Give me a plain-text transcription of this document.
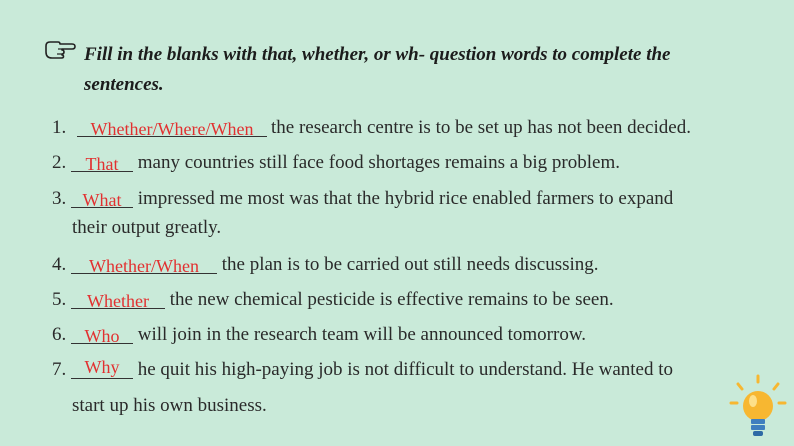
Fill in the blanks with that, whether, or wh- question words to complete the
sentences.
1. Whether/Where/When the research centre is to be set up has not been decided.
2. That many countries still face food shortages remains a big problem.
3. What impressed me most was that the hybrid rice enabled farmers to expand
their output greatly.
4. Whether/When the plan is to be carried out still needs discussing.
5. Whether the new chemical pesticide is effective remains to be seen.
6. Who will join in the research team will be announced tomorrow.
7. Why he quit his high-paying job is not difficult to understand. He wanted to
start up his own business.
